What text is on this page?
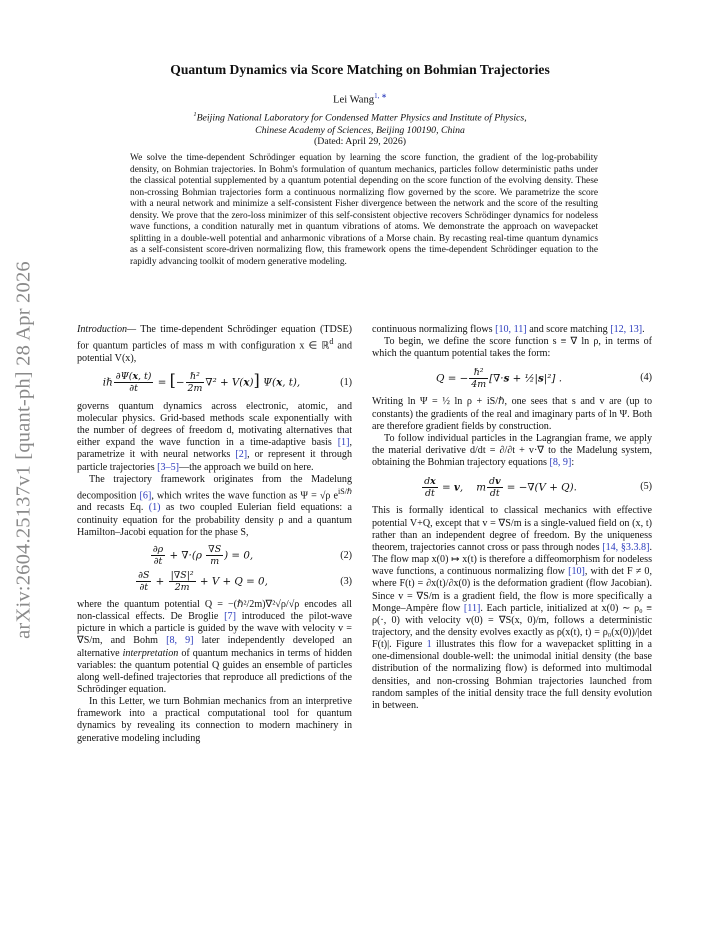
arXiv:2604.25137v1 [quant-ph] 28 Apr 2026
Quantum Dynamics via Score Matching on Bohmian Trajectories
Lei Wang$^{1, ∗}$
$^1$Beijing National Laboratory for Condensed Matter Physics and Institute of Physics,
Chinese Academy of Sciences, Beijing 100190, China
(Dated: April 29, 2026)
We solve the time-dependent Schrödinger equation by learning the score function, the gradient of the log-probability density, on Bohmian trajectories. In Bohm's formulation of quantum mechanics, particles follow deterministic paths under the classical potential supplemented by a quantum potential depending on the score function of the evolving density. These non-crossing Bohmian trajectories form a continuous normalizing flow governed by the score. We parametrize the score with a neural network and minimize a self-consistent Fisher divergence between the network and the score of the resulting density. We prove that the zero-loss minimizer of this self-consistent objective recovers Schrödinger dynamics for nodeless wave functions, a condition naturally met in quantum vibrations of atoms. We demonstrate the approach on wavepacket splitting in a double-well potential and anharmonic vibrations of a Morse chain. By recasting real-time quantum dynamics as a self-consistent score-driven normalizing flow, this framework opens the time-dependent Schrödinger equation to the rapidly advancing toolkit of modern generative modeling.

Introduction— The time-dependent Schrödinger equation (TDSE) for quantum particles of mass m with configuration x ∈ ℝ$^d$ and potential V(x),

iℏ $\frac{\partial\Psi(x, t)}{\partial t}$ = [− $\frac{\text{ℏ²}}{2m} \nabla^2 + V(x)$] Ψ(x, t),	(1)

governs quantum dynamics across electronic, atomic, and molecular physics. Grid-based methods scale exponentially with the number of degrees of freedom d, motivating alternatives that either expand the wave function in a time-adaptive basis [1], parametrize it with neural networks [2], or represent it through particle trajectories [3–5]—the approach we build on here.

The trajectory framework originates from the Madelung decomposition [6], which writes the wave function as Ψ = √ρ $e^{iS/\hbar}$ and recasts Eq. (1) as two coupled Eulerian field equations: a continuity equation for the probability density ρ and a quantum Hamilton–Jacobi equation for the phase S,

$\frac{\partial\rho}{\partial t} + \nabla\cdot(\rho \frac{\nabla S}{m}$ ) = 0,	(2)
$\frac{\partial S}{\partial t} + \frac{\text{|∇S|²}}{2m} + V + Q = 0$,	(3)

where the quantum potential Q = −(ℏ²/2m)∇²√ρ/√ρ encodes all non-classical effects. De Broglie [7] introduced the pilot-wave picture in which a particle is guided by the wave with velocity v = ∇S/m, and Bohm [8, 9] later independently developed an alternative interpretation of quantum mechanics in terms of hidden variables: the quantum potential Q guides an ensemble of particles along well-defined trajectories that reproduce all predictions of the Schrödinger equation.

In this Letter, we turn Bohmian mechanics from an interpretive framework into a practical computational tool for quantum dynamics by revealing its connection to modern machinery in generative modeling including

continuous normalizing flows [10, 11] and score matching [12, 13].

To begin, we define the score function s ≡ ∇ ln ρ, in terms of which the quantum potential takes the form:

Q = − $\frac{\text{ℏ²}}{4m} [\nabla\cdot s$ + ½|s|²] .	(4)

Writing ln Ψ = ½ ln ρ + iS/ℏ, one sees that s and v are (up to constants) the gradients of the real and imaginary parts of ln Ψ. Both are therefore gradient fields by construction.

To follow individual particles in the Lagrangian frame, we apply the material derivative d/dt = ∂/∂t + v·∇ to the Madelung system, obtaining the Bohmian trajectory equations [8, 9]:

$\frac{dx}{dt} = v$,    m $\frac{dv}{dt} = -\nabla(V + Q)$.	(5)

This is formally identical to classical mechanics with effective potential V+Q, except that v = ∇S/m is a single-valued field on (x, t) rather than an independent degree of freedom. By the uniqueness theorem, trajectories cannot cross or pass through nodes [14, §3.3.8]. The flow map x(0) ↦ x(t) is therefore a diffeomorphism for nodeless wave functions, a continuous normalizing flow [10], with det F ≠ 0, where F(t) = ∂x(t)/∂x(0) is the deformation gradient (flow Jacobian). Since v = ∇S/m is a gradient field, the flow is more specifically a Monge–Ampère flow [11]. Each particle, initialized at x(0) ∼ ρ₀ ≡ ρ(·, 0) with velocity v(0) = ∇S(x, 0)/m, follows a deterministic trajectory, and the density evolves exactly as ρ(x(t), t) = ρ₀(x(0))/|det F(t)|. Figure 1 illustrates this flow for a wavepacket splitting in a one-dimensional double-well: the unimodal initial density (the base distribution of the normalizing flow) is deformed into multimodal densities, and non-crossing Bohmian trajectories launched from random samples of the initial density trace the full density evolution in between.
